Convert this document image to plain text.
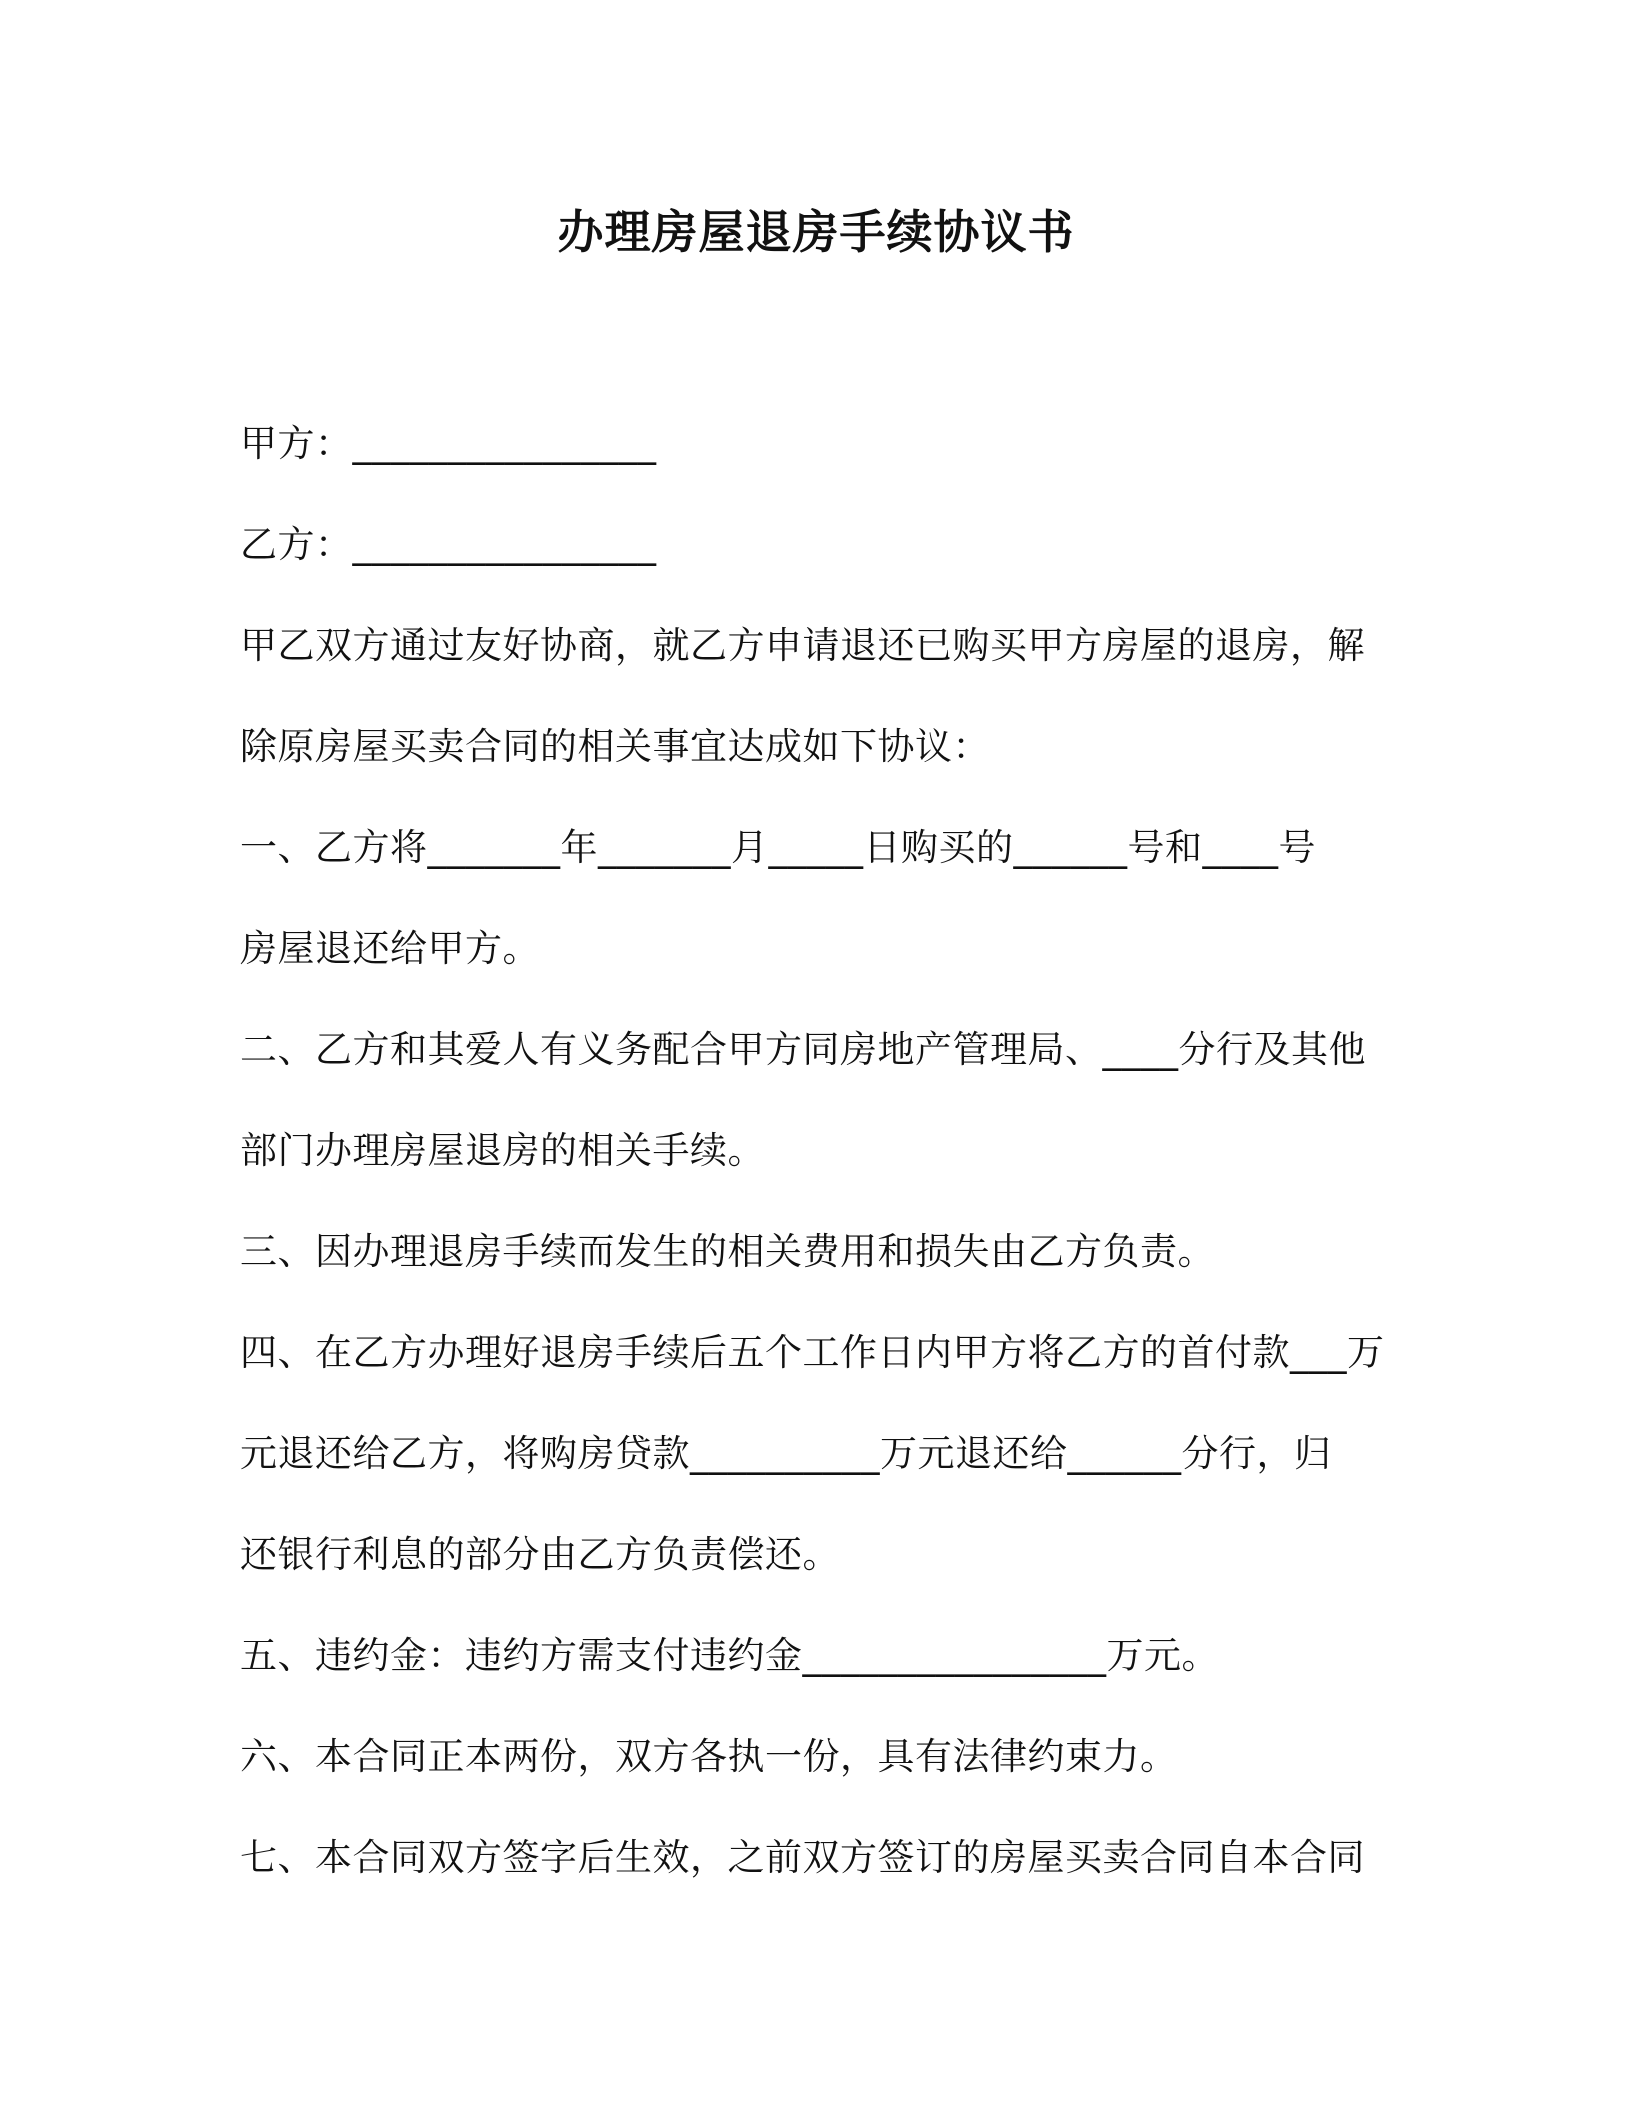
办理房屋退房手续协议书
甲方：________________
乙方：________________
甲乙双方通过友好协商，就乙方申请退还已购买甲方房屋的退房，解
除原房屋买卖合同的相关事宜达成如下协议：
一、乙方将_______年_______月_____日购买的______号和____号
房屋退还给甲方。
二、乙方和其爱人有义务配合甲方同房地产管理局、____分行及其他
部门办理房屋退房的相关手续。
三、因办理退房手续而发生的相关费用和损失由乙方负责。
四、在乙方办理好退房手续后五个工作日内甲方将乙方的首付款___万
元退还给乙方，将购房贷款__________万元退还给______分行，归
还银行利息的部分由乙方负责偿还。
五、违约金：违约方需支付违约金________________万元。
六、本合同正本两份，双方各执一份，具有法律约束力。
七、本合同双方签字后生效，之前双方签订的房屋买卖合同自本合同
